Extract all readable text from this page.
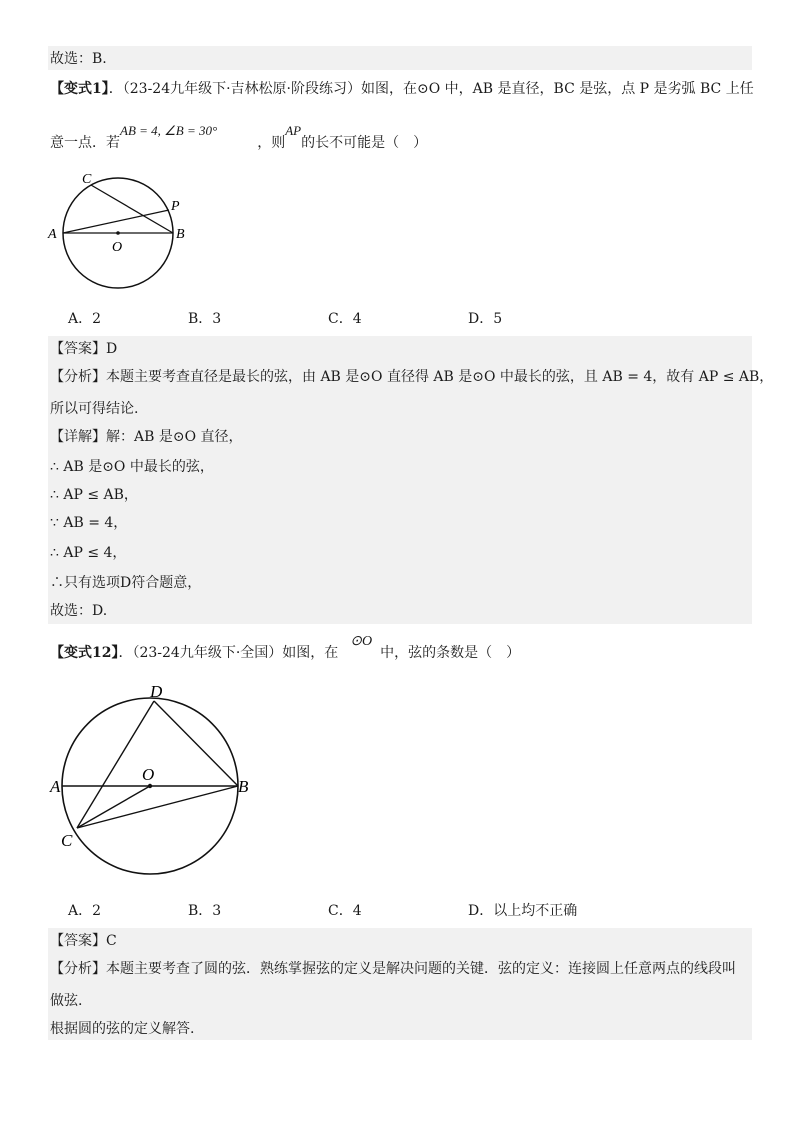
故选：B.
【变式1】．（23-24九年级下·吉林松原·阶段练习）如图，在⊙O 中，AB 是直径，BC 是弦，点 P 是劣弧 BC 上任
意一点．若AB = 4, ∠B = 30°，则AP的长不可能是（　）
C
P
A	B
O
A．2	B．3	C．4	D．5
【答案】D
【分析】本题主要考查直径是最长的弦，由 AB 是⊙O 直径得 AB 是⊙O 中最长的弦，且 AB = 4，故有 AP ≤ AB，
所以可得结论.
【详解】解：AB 是⊙O 直径，
∴ AB 是⊙O 中最长的弦，
∴ AP ≤ AB，
∵ AB = 4，
∴ AP ≤ 4，
∴只有选项D符合题意，
故选：D.
【变式12】．（23-24九年级下·全国）如图，在⊙O中，弦的条数是（　）
D
A
O
B
C
A．2	B．3	C．4	D．以上均不正确
【答案】C
【分析】本题主要考查了圆的弦．熟练掌握弦的定义是解决问题的关键．弦的定义：连接圆上任意两点的线段叫
做弦.
根据圆的弦的定义解答.
